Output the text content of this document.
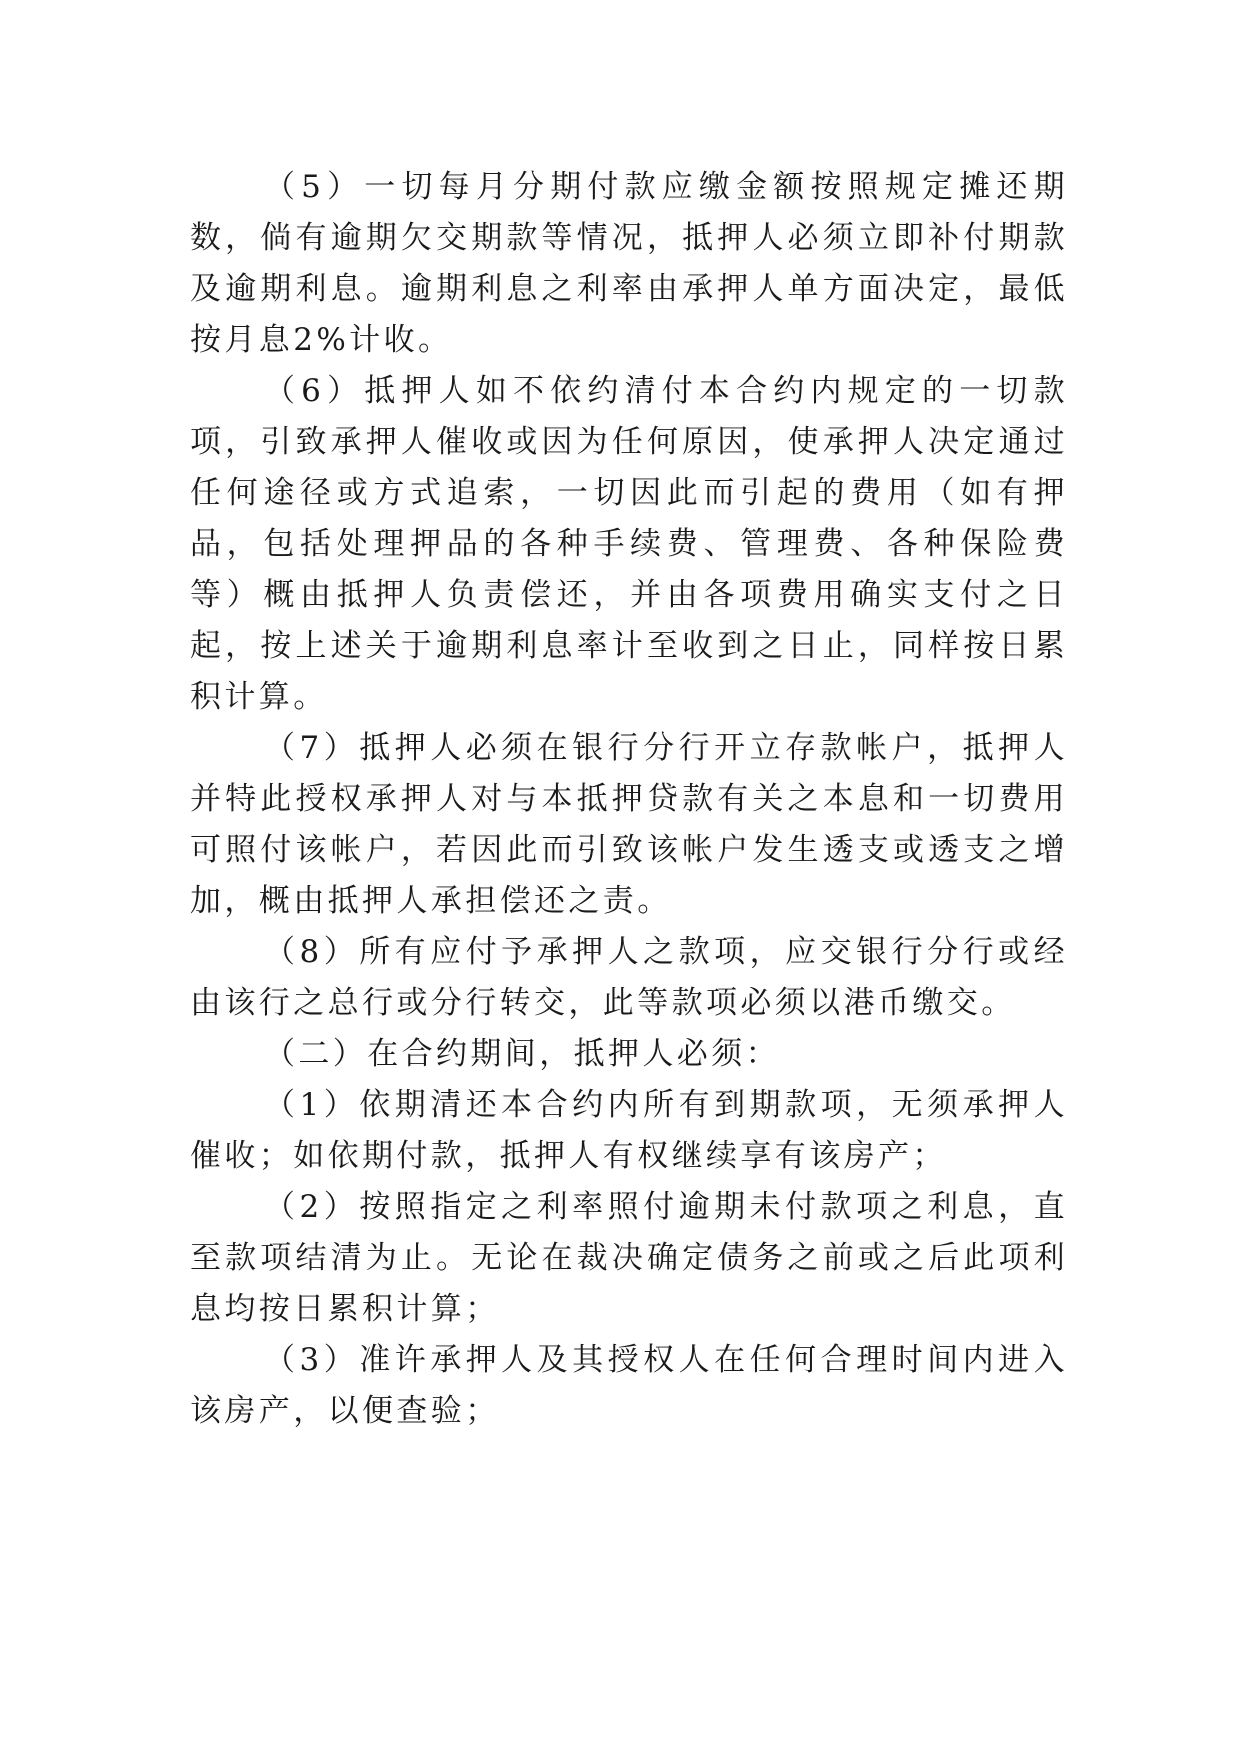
（5）一切每月分期付款应缴金额按照规定摊还期数，倘有逾期欠交期款等情况，抵押人必须立即补付期款及逾期利息。逾期利息之利率由承押人单方面决定，最低按月息2%计收。

（6）抵押人如不依约清付本合约内规定的一切款项，引致承押人催收或因为任何原因，使承押人决定通过任何途径或方式追索，一切因此而引起的费用（如有押品，包括处理押品的各种手续费、管理费、各种保险费等）概由抵押人负责偿还，并由各项费用确实支付之日起，按上述关于逾期利息率计至收到之日止，同样按日累积计算。

（7）抵押人必须在银行分行开立存款帐户，抵押人并特此授权承押人对与本抵押贷款有关之本息和一切费用可照付该帐户，若因此而引致该帐户发生透支或透支之增加，概由抵押人承担偿还之责。

（8）所有应付予承押人之款项，应交银行分行或经由该行之总行或分行转交，此等款项必须以港币缴交。

（二）在合约期间，抵押人必须：

（1）依期清还本合约内所有到期款项，无须承押人催收；如依期付款，抵押人有权继续享有该房产；

（2）按照指定之利率照付逾期未付款项之利息，直至款项结清为止。无论在裁决确定债务之前或之后此项利息均按日累积计算；

（3）准许承押人及其授权人在任何合理时间内进入该房产，以便查验；
